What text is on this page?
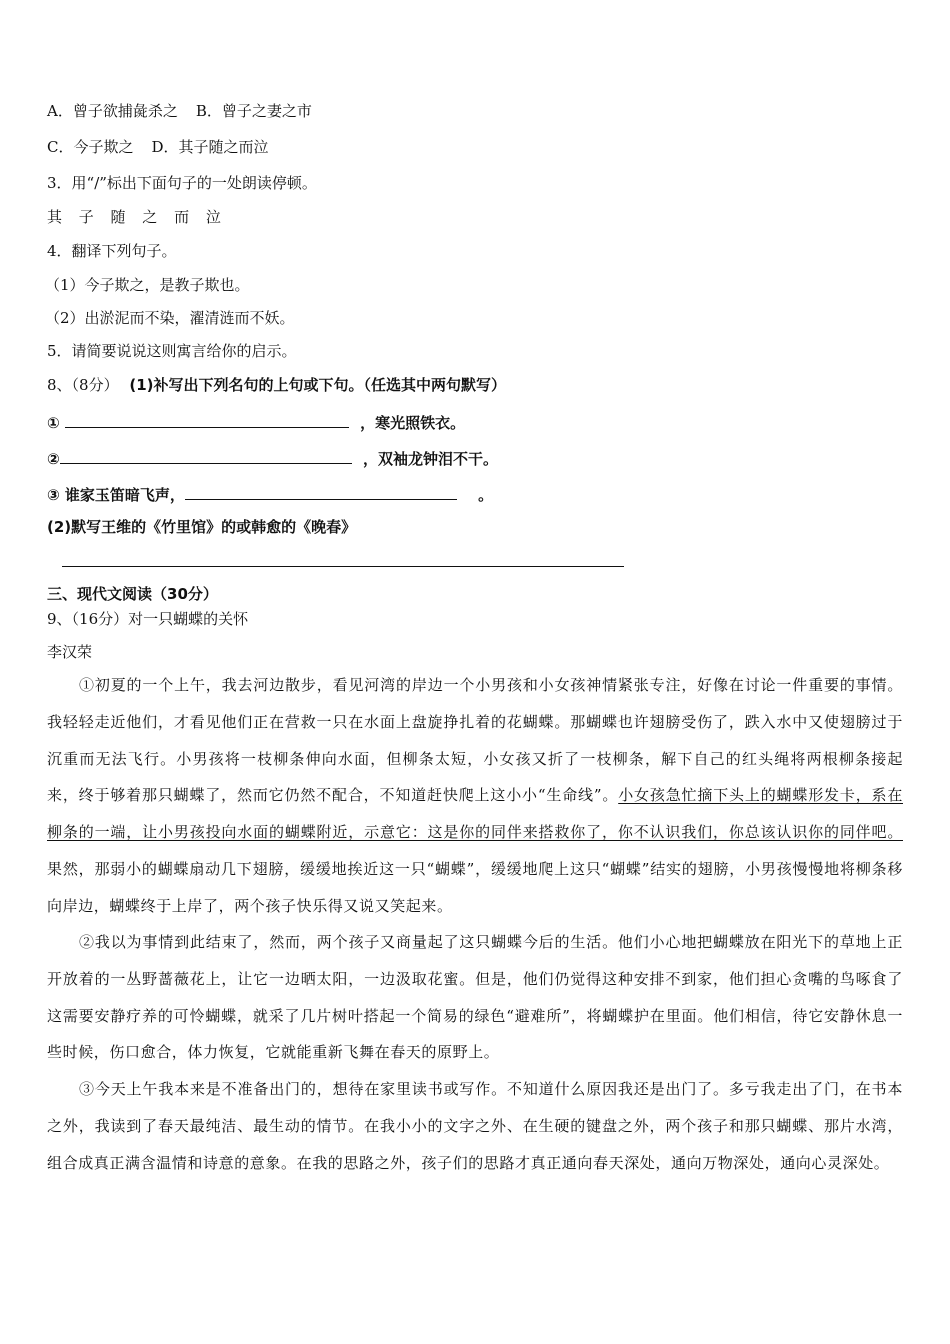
A．曾子欲捕彘杀之 B．曾子之妻之市
C．今子欺之 D．其子随之而泣
3．用“/”标出下面句子的一处朗读停顿。
其 子 随 之 而 泣
4．翻译下列句子。
（1）今子欺之，是教子欺也。
（2）出淤泥而不染，濯清涟而不妖。
5．请简要说说这则寓言给你的启示。
8、（8分） (1)补写出下列名句的上句或下句。（任选其中两句默写）
①	，寒光照铁衣。
②	，双袖龙钟泪不干。
③ 谁家玉笛暗飞声，	。
(2)默写王维的《竹里馆》的或韩愈的《晚春》
三、现代文阅读（30分）
9、（16分）对一只蝴蝶的关怀
李汉荣
①初夏的一个上午，我去河边散步，看见河湾的岸边一个小男孩和小女孩神情紧张专注，好像在讨论一件重要的事情。我轻轻走近他们，才看见他们正在营救一只在水面上盘旋挣扎着的花蝴蝶。那蝴蝶也许翅膀受伤了，跌入水中又使翅膀过于沉重而无法飞行。小男孩将一枝柳条伸向水面，但柳条太短，小女孩又折了一枝柳条，解下自己的红头绳将两根柳条接起来，终于够着那只蝴蝶了，然而它仍然不配合，不知道赶快爬上这小小“生命线”。小女孩急忙摘下头上的蝴蝶形发卡，系在柳条的一端，让小男孩投向水面的蝴蝶附近，示意它：这是你的同伴来搭救你了，你不认识我们，你总该认识你的同伴吧。果然，那弱小的蝴蝶扇动几下翅膀，缓缓地挨近这一只“蝴蝶”，缓缓地爬上这只“蝴蝶”结实的翅膀，小男孩慢慢地将柳条移向岸边，蝴蝶终于上岸了，两个孩子快乐得又说又笑起来。
②我以为事情到此结束了，然而，两个孩子又商量起了这只蝴蝶今后的生活。他们小心地把蝴蝶放在阳光下的草地上正开放着的一丛野蔷薇花上，让它一边晒太阳，一边汲取花蜜。但是，他们仍觉得这种安排不到家，他们担心贪嘴的鸟啄食了这需要安静疗养的可怜蝴蝶，就采了几片树叶搭起一个简易的绿色“避难所”，将蝴蝶护在里面。他们相信，待它安静休息一些时候，伤口愈合，体力恢复，它就能重新飞舞在春天的原野上。
③今天上午我本来是不准备出门的，想待在家里读书或写作。不知道什么原因我还是出门了。多亏我走出了门，在书本之外，我读到了春天最纯洁、最生动的情节。在我小小的文字之外、在生硬的键盘之外，两个孩子和那只蝴蝶、那片水湾，组合成真正满含温情和诗意的意象。在我的思路之外，孩子们的思路才真正通向春天深处，通向万物深处，通向心灵深处。
